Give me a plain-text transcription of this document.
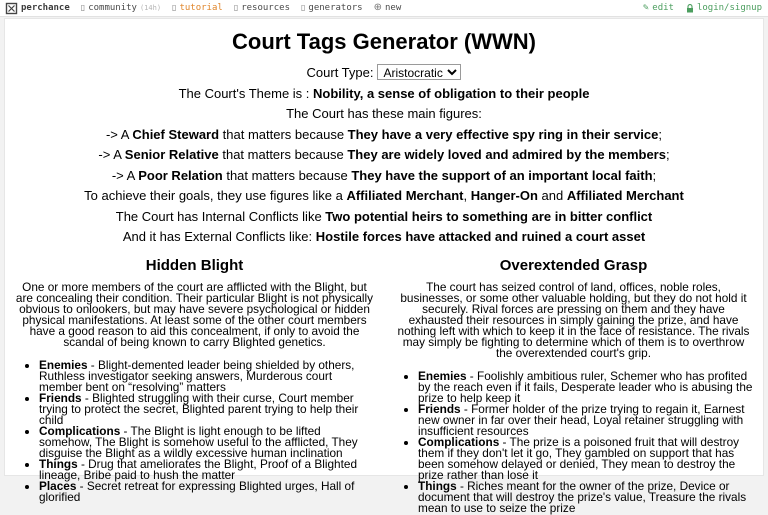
perchance ▯ community (14h) ▯ tutorial ▯ resources ▯ generators ⊕ new	✎ edit	login/signup
Court Tags Generator (WWN)
Court Type:
Aristocratic
The Court's Theme is : Nobility, a sense of obligation to their people
The Court has these main figures:
-> A Chief Steward that matters because They have a very effective spy ring in their service;
-> A Senior Relative that matters because They are widely loved and admired by the members;
-> A Poor Relation that matters because They have the support of an important local faith;
To achieve their goals, they use figures like a Affiliated Merchant, Hanger-On and Affiliated Merchant
The Court has Internal Conflicts like Two potential heirs to something are in bitter conflict
And it has External Conflicts like: Hostile forces have attacked and ruined a court asset
Hidden Blight
One or more members of the court are afflicted with the Blight, but are concealing their condition. Their particular Blight is not physically obvious to onlookers, but may have severe psychological or hidden physical manifestations. At least some of the other court members have a good reason to aid this concealment, if only to avoid the scandal of being known to carry Blighted genetics.
• Enemies - Blight-demented leader being shielded by others, Ruthless investigator seeking answers, Murderous court member bent on “resolving” matters
• Friends - Blighted struggling with their curse, Court member trying to protect the secret, Blighted parent trying to help their child
• Complications - The Blight is light enough to be lifted somehow, The Blight is somehow useful to the afflicted, They disguise the Blight as a wildly excessive human inclination
• Things - Drug that ameliorates the Blight, Proof of a Blighted lineage, Bribe paid to hush the matter
• Places - Secret retreat for expressing Blighted urges, Hall of glorified
Overextended Grasp
The court has seized control of land, offices, noble roles, businesses, or some other valuable holding, but they do not hold it securely. Rival forces are pressing on them and they have exhausted their resources in simply gaining the prize, and have nothing left with which to keep it in the face of resistance. The rivals may simply be fighting to determine which of them is to overthrow the overextended court's grip.
• Enemies - Foolishly ambitious ruler, Schemer who has profited by the reach even if it fails, Desperate leader who is abusing the prize to help keep it
• Friends - Former holder of the prize trying to regain it, Earnest new owner in far over their head, Loyal retainer struggling with insufficient resources
• Complications - The prize is a poisoned fruit that will destroy them if they don't let it go, They gambled on support that has been somehow delayed or denied, They mean to destroy the prize rather than lose it
• Things - Riches meant for the owner of the prize, Device or document that will destroy the prize's value, Treasure the rivals mean to use to seize the prize
